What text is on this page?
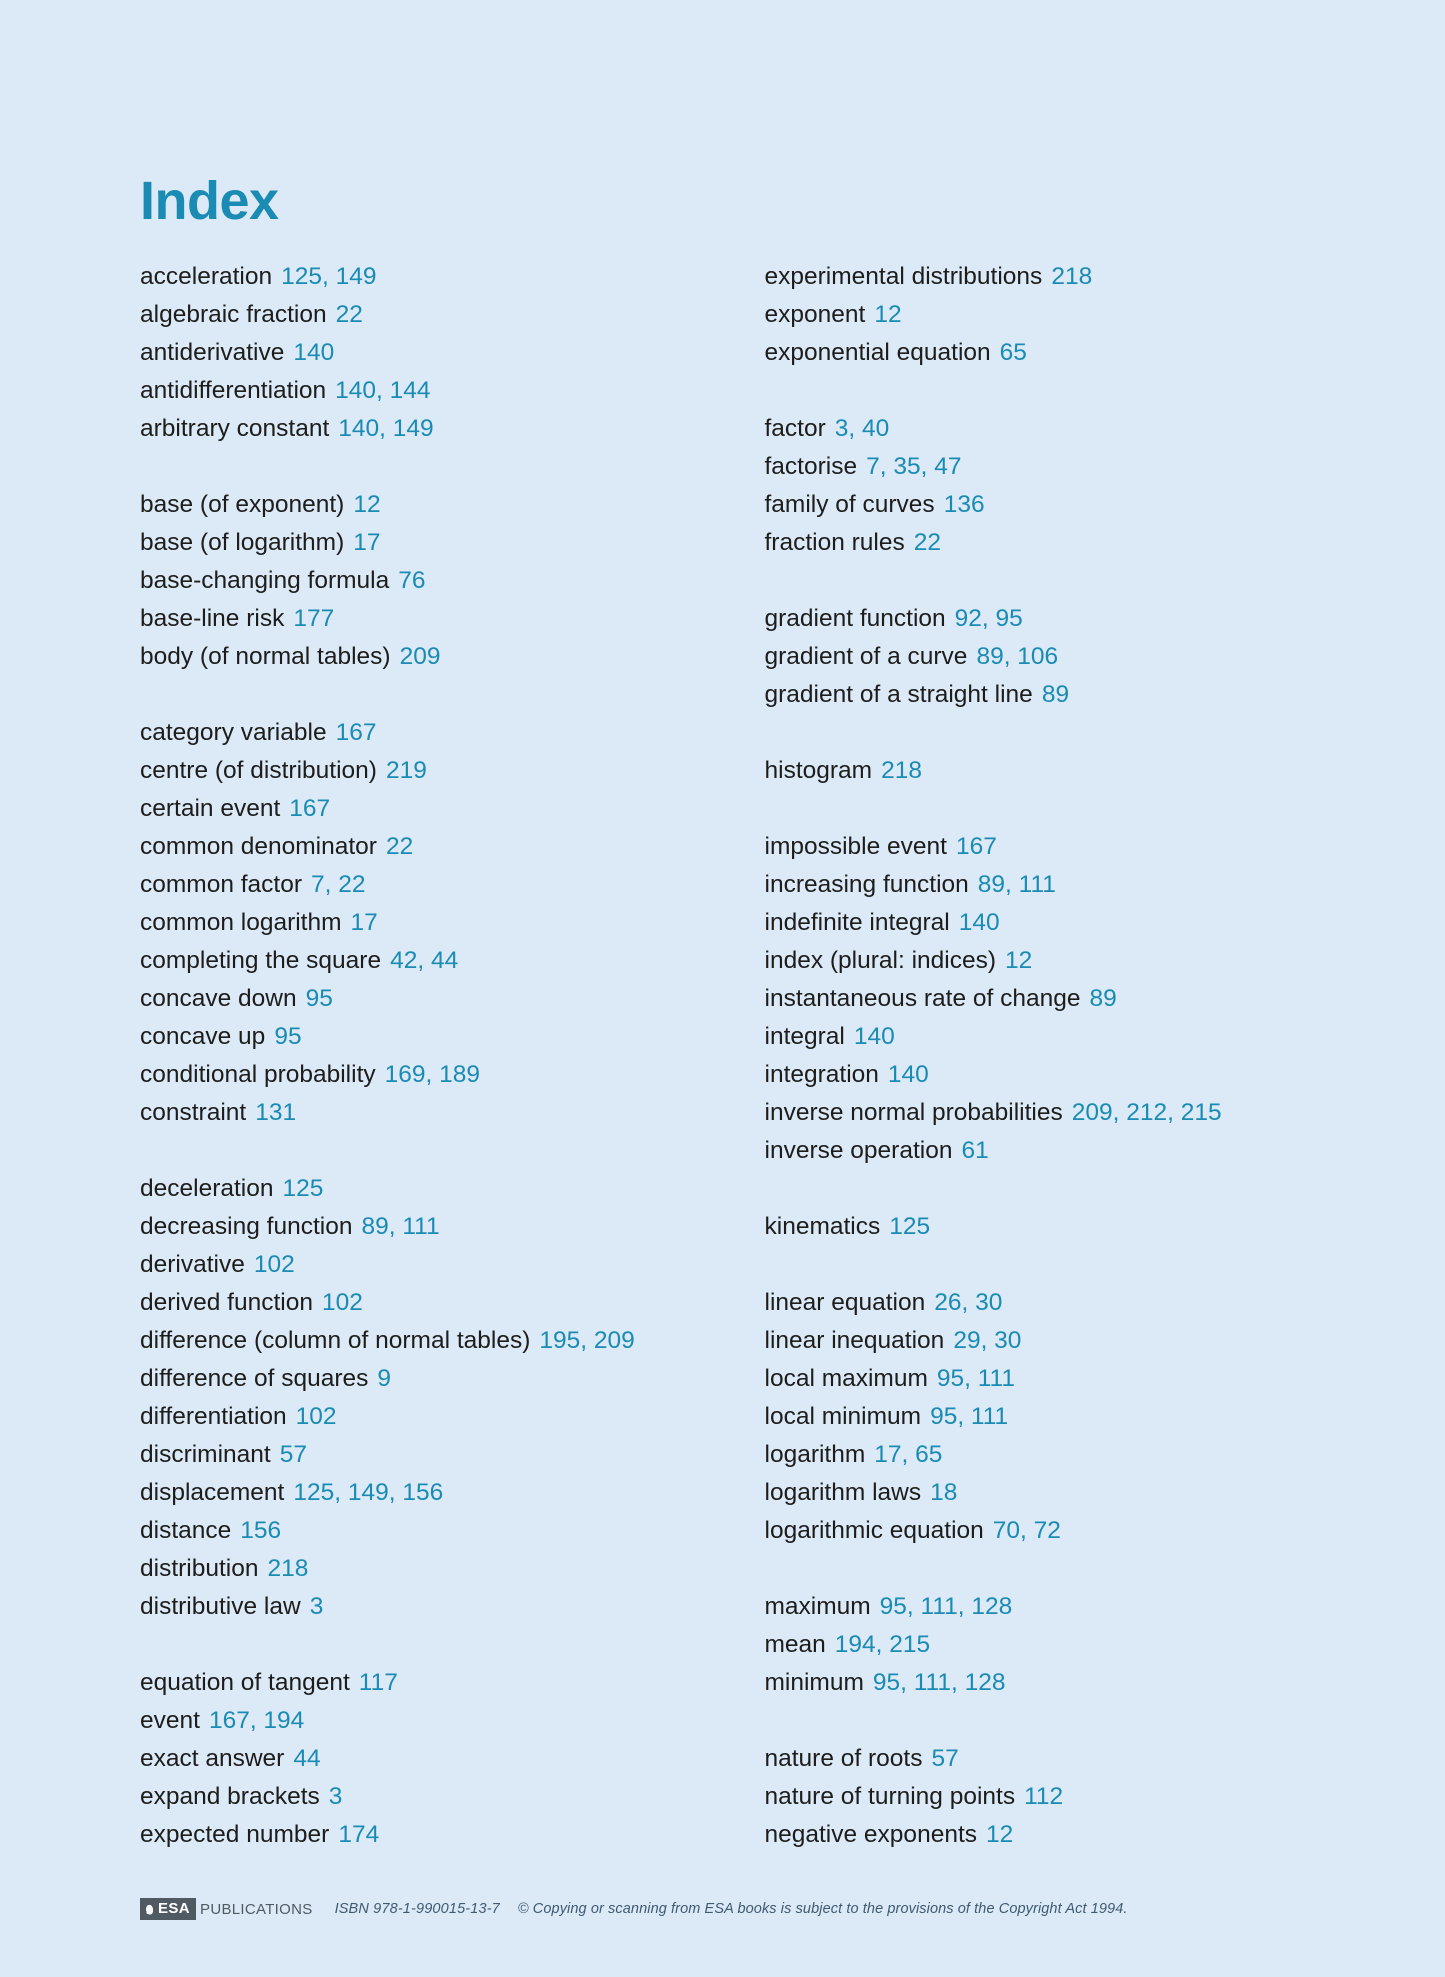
Index
acceleration 125, 149
algebraic fraction 22
antiderivative 140
antidifferentiation 140, 144
arbitrary constant 140, 149
base (of exponent) 12
base (of logarithm) 17
base-changing formula 76
base-line risk 177
body (of normal tables) 209
category variable 167
centre (of distribution) 219
certain event 167
common denominator 22
common factor 7, 22
common logarithm 17
completing the square 42, 44
concave down 95
concave up 95
conditional probability 169, 189
constraint 131
deceleration 125
decreasing function 89, 111
derivative 102
derived function 102
difference (column of normal tables) 195, 209
difference of squares 9
differentiation 102
discriminant 57
displacement 125, 149, 156
distance 156
distribution 218
distributive law 3
equation of tangent 117
event 167, 194
exact answer 44
expand brackets 3
expected number 174
experimental distributions 218
exponent 12
exponential equation 65
factor 3, 40
factorise 7, 35, 47
family of curves 136
fraction rules 22
gradient function 92, 95
gradient of a curve 89, 106
gradient of a straight line 89
histogram 218
impossible event 167
increasing function 89, 111
indefinite integral 140
index (plural: indices) 12
instantaneous rate of change 89
integral 140
integration 140
inverse normal probabilities 209, 212, 215
inverse operation 61
kinematics 125
linear equation 26, 30
linear inequation 29, 30
local maximum 95, 111
local minimum 95, 111
logarithm 17, 65
logarithm laws 18
logarithmic equation 70, 72
maximum 95, 111, 128
mean 194, 215
minimum 95, 111, 128
nature of roots 57
nature of turning points 112
negative exponents 12
ESA PUBLICATIONS ISBN 978-1-990015-13-7 © Copying or scanning from ESA books is subject to the provisions of the Copyright Act 1994.
